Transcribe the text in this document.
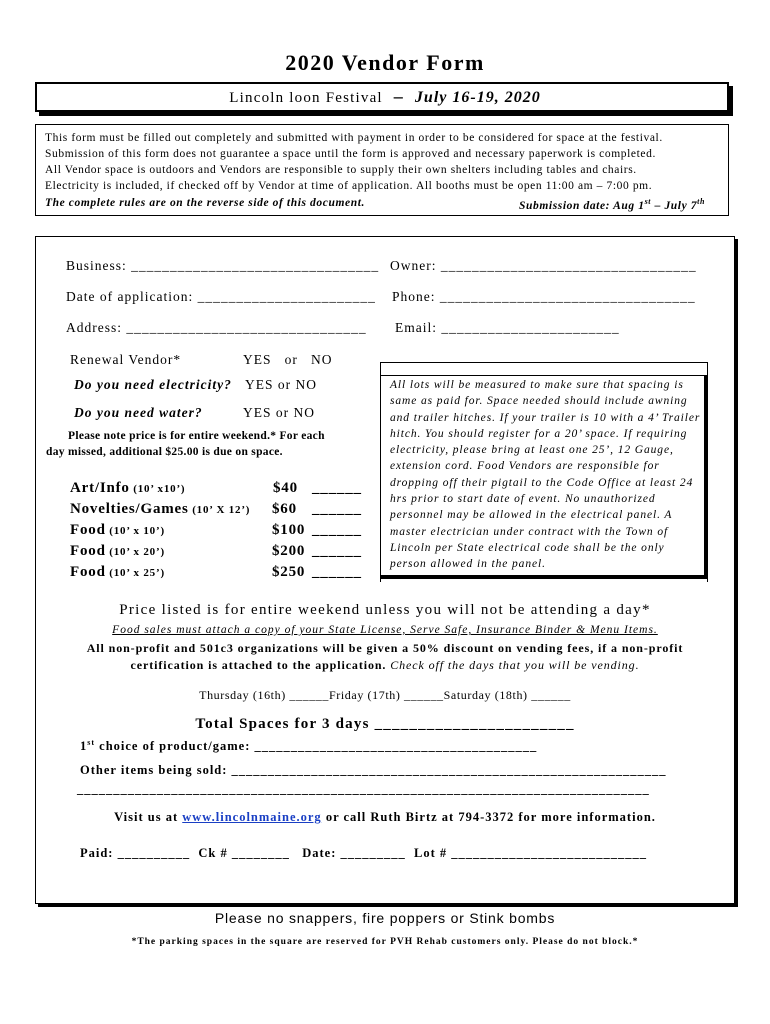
2020 Vendor Form
Lincoln loon Festival – July 16-19, 2020
This form must be filled out completely and submitted with payment in order to be considered for space at the festival.
Submission of this form does not guarantee a space until the form is approved and necessary paperwork is completed.
All Vendor space is outdoors and Vendors are responsible to supply their own shelters including tables and chairs.
Electricity is included, if checked off by Vendor at time of application. All booths must be open 11:00 am – 7:00 pm.
The complete rules are on the reverse side of this document.	Submission date: Aug 1st – July 7th
Business: ________________________________ Owner: _________________________________
Date of application: _______________________ Phone: _________________________________
Address: _______________________________ Email: _______________________
Renewal Vendor*	YES   or   NO
Do you need electricity? YES or NO
Do you need water?	YES or NO
Please note price is for entire weekend.* For each
day missed, additional $25.00 is due on space.
Art/Info (10’ x10’)	$40 ______
Novelties/Games (10’ X 12’) $60 ______
Food (10’ x 10’)	$100 ______
Food (10’ x 20’)	$200 ______
Food (10’ x 25’)	$250 ______
All lots will be measured to make sure that spacing is same as paid for. Space needed should include awning and trailer hitches. If your trailer is 10 with a 4’ Trailer hitch. You should register for a 20’ space. If requiring electricity, please bring at least one 25’, 12 Gauge, extension cord. Food Vendors are responsible for dropping off their pigtail to the Code Office at least 24 hrs prior to start date of event. No unauthorized personnel may be allowed in the electrical panel. A master electrician under contract with the Town of Lincoln per State electrical code shall be the only person allowed in the panel.
Price listed is for entire weekend unless you will not be attending a day*
Food sales must attach a copy of your State License, Serve Safe, Insurance Binder & Menu Items.
All non-profit and 501c3 organizations will be given a 50% discount on vending fees, if a non-profit
certification is attached to the application. Check off the days that you will be vending.
Thursday (16th) ______Friday (17th) ______Saturday (18th) ______
Total Spaces for 3 days _______________________
1st choice of product/game: _______________________________________
Other items being sold: ____________________________________________________________
_______________________________________________________________________________
Visit us at www.lincolnmaine.org or call Ruth Birtz at 794-3372 for more information.
Paid: __________  Ck # ________   Date: _________  Lot # ___________________________
Please no snappers, fire poppers or Stink bombs
*The parking spaces in the square are reserved for PVH Rehab customers only. Please do not block.*
